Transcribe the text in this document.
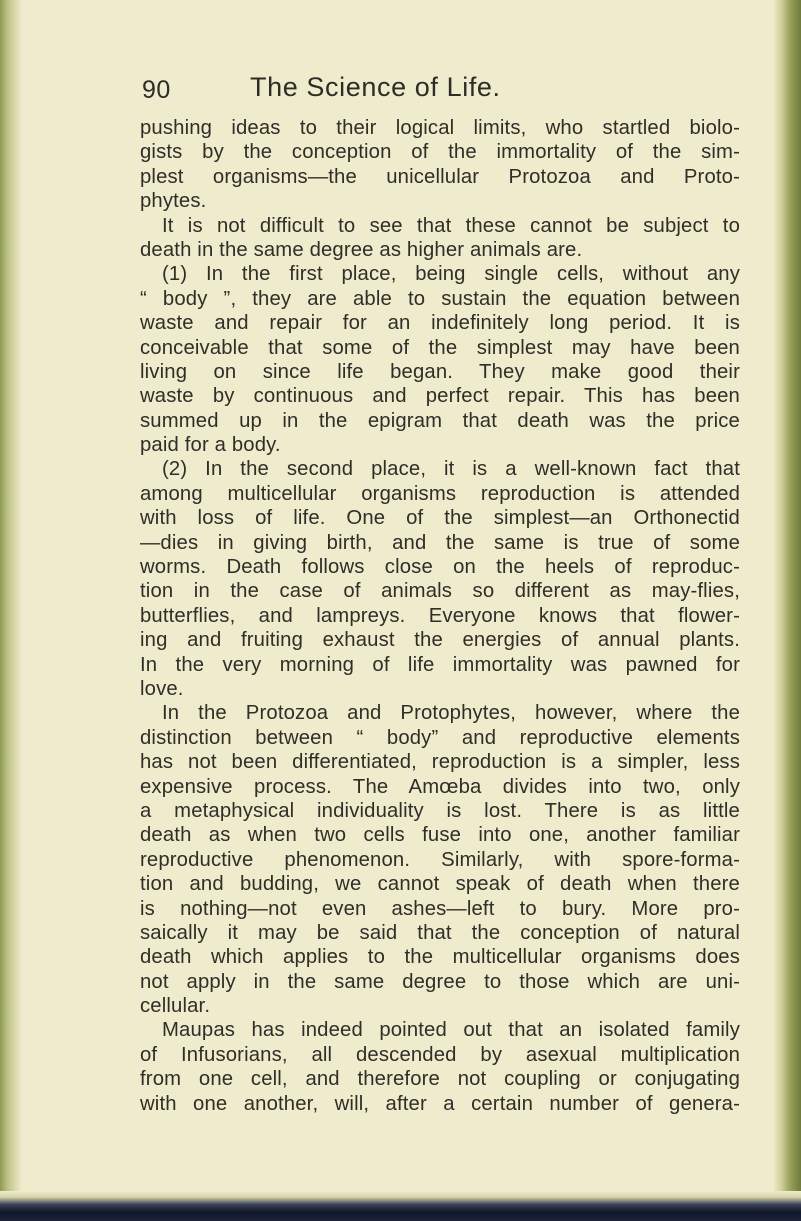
90	The Science of Life.
pushing ideas to their logical limits, who startled biolo-
gists by the conception of the immortality of the sim-
plest organisms—the unicellular Protozoa and Proto-
phytes.
It is not difficult to see that these cannot be subject to
death in the same degree as higher animals are.
(1) In the first place, being single cells, without any
“ body ”, they are able to sustain the equation between
waste and repair for an indefinitely long period. It is
conceivable that some of the simplest may have been
living on since life began. They make good their
waste by continuous and perfect repair. This has been
summed up in the epigram that death was the price
paid for a body.
(2) In the second place, it is a well-known fact that
among multicellular organisms reproduction is attended
with loss of life. One of the simplest—an Orthonectid
—dies in giving birth, and the same is true of some
worms. Death follows close on the heels of reproduc-
tion in the case of animals so different as may-flies,
butterflies, and lampreys. Everyone knows that flower-
ing and fruiting exhaust the energies of annual plants.
In the very morning of life immortality was pawned for
love.
In the Protozoa and Protophytes, however, where the
distinction between “ body” and reproductive elements
has not been differentiated, reproduction is a simpler, less
expensive process. The Amœba divides into two, only
a metaphysical individuality is lost. There is as little
death as when two cells fuse into one, another familiar
reproductive phenomenon. Similarly, with spore-forma-
tion and budding, we cannot speak of death when there
is nothing—not even ashes—left to bury. More pro-
saically it may be said that the conception of natural
death which applies to the multicellular organisms does
not apply in the same degree to those which are uni-
cellular.
Maupas has indeed pointed out that an isolated family
of Infusorians, all descended by asexual multiplication
from one cell, and therefore not coupling or conjugating
with one another, will, after a certain number of genera-
